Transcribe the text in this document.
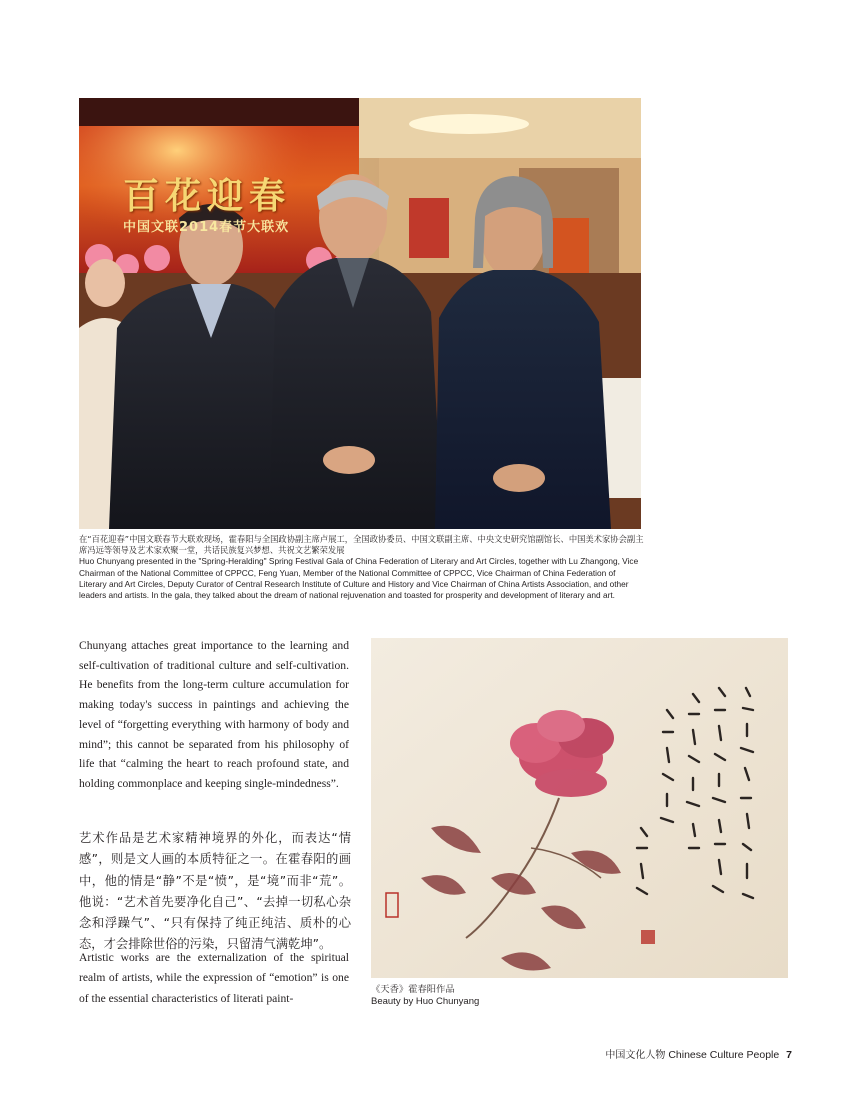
百花迎春
中国文联2014春节大联欢

在“百花迎春”中国文联春节大联欢现场，霍春阳与全国政协副主席卢展工，全国政协委员、中国文联副主席、中央文史研究馆副馆长、中国美术家协会副主席冯远等领导及艺术家欢聚一堂，共话民族复兴梦想、共祝文艺繁荣发展

Huo Chunyang presented in the "Spring-Heralding" Spring Festival Gala of China Federation of Literary and Art Circles, together with Lu Zhangong, Vice Chairman of the National Committee of CPPCC, Feng Yuan, Member of the National Committee of CPPCC, Vice Chairman of China Federation of Literary and Art Circles, Deputy Curator of Central Research Institute of Culture and History and Vice Chairman of China Artists Association, and other leaders and artists. In the gala, they talked about the dream of national rejuvenation and toasted for prosperity and development of literary and art.

Chunyang attaches great importance to the learning and self-cultivation of traditional culture and self-cultivation. He benefits from the long-term culture accumulation for making today's success in paintings and achieving the level of “forgetting everything with harmony of body and mind”; this cannot be separated from his philosophy of life that “calming the heart to reach profound state, and holding commonplace and keeping single-mindedness”.

艺术作品是艺术家精神境界的外化，而表达“情感”，则是文人画的本质特征之一。在霍春阳的画中，他的情是“静”不是“愤”，是“境”而非“荒”。他说：“艺术首先要净化自己”、“去掉一切私心杂念和浮躁气”、“只有保持了纯正纯洁、质朴的心态，才会排除世俗的污染，只留清气满乾坤”。

Artistic works are the externalization of the spiritual realm of artists, while the expression of “emotion” is one of the essential characteristics of literati paint-

《天香》霍春阳作品
Beauty by Huo Chunyang
中国文化人物 Chinese Culture People 7
